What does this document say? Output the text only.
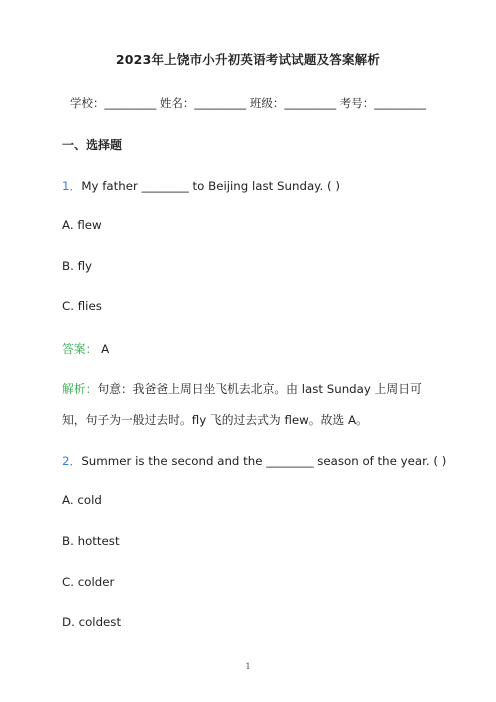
2023年上饶市小升初英语考试试题及答案解析
学校：_________ 姓名：_________ 班级：_________ 考号：_________
一、选择题
1．My father ________ to Beijing last Sunday. ( )
A. flew
B. fly
C. flies
答案： A
解析：句意：我爸爸上周日坐飞机去北京。由 last Sunday 上周日可
知，句子为一般过去时。fly 飞的过去式为 flew。故选 A。
2．Summer is the second and the ________ season of the year. ( )
A. cold
B. hottest
C. colder
D. coldest
1
